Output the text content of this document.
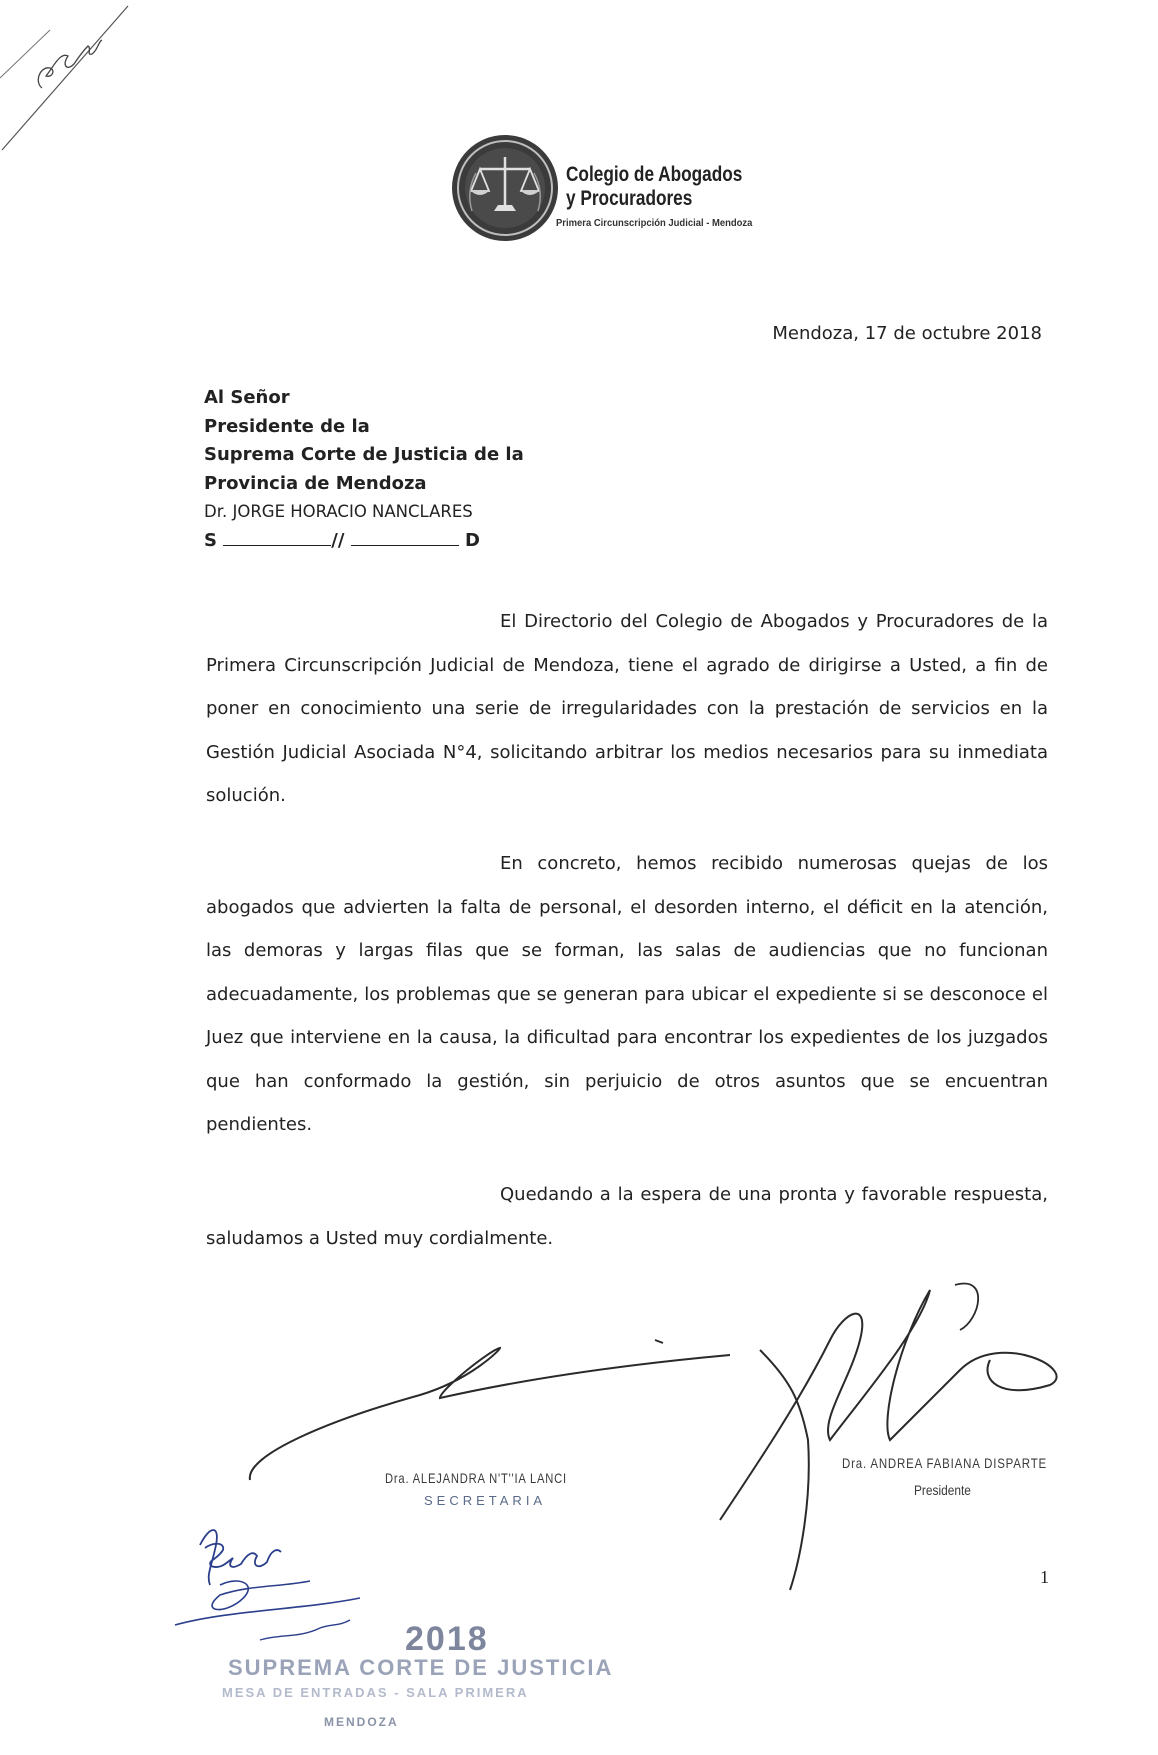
Colegio de Abogados
y Procuradores
Primera Circunscripción Judicial - Mendoza
Mendoza, 17 de octubre 2018
Al Señor
Presidente de la
Suprema Corte de Justicia de la
Provincia de Mendoza
Dr. JORGE HORACIO NANCLARES
S	//	D

El Directorio del Colegio de Abogados y Procuradores de la Primera Circunscripción Judicial de Mendoza, tiene el agrado de dirigirse a Usted, a fin de poner en conocimiento una serie de irregularidades con la prestación de servicios en la Gestión Judicial Asociada N°4, solicitando arbitrar los medios necesarios para su inmediata solución.

En concreto, hemos recibido numerosas quejas de los abogados que advierten la falta de personal, el desorden interno, el déficit en la atención, las demoras y largas filas que se forman, las salas de audiencias que no funcionan adecuadamente, los problemas que se generan para ubicar el expediente si se desconoce el Juez que interviene en la causa, la dificultad para encontrar los expedientes de los juzgados que han conformado la gestión, sin perjuicio de otros asuntos que se encuentran pendientes.

Quedando a la espera de una pronta y favorable respuesta, saludamos a Usted muy cordialmente.

Dra. ALEJANDRA N'T''IA LANCI
SECRETARIA
Dra. ANDREA FABIANA DISPARTE
Presidente
1
2018
SUPREMA CORTE DE JUSTICIA
MESA DE ENTRADAS - SALA PRIMERA
MENDOZA
